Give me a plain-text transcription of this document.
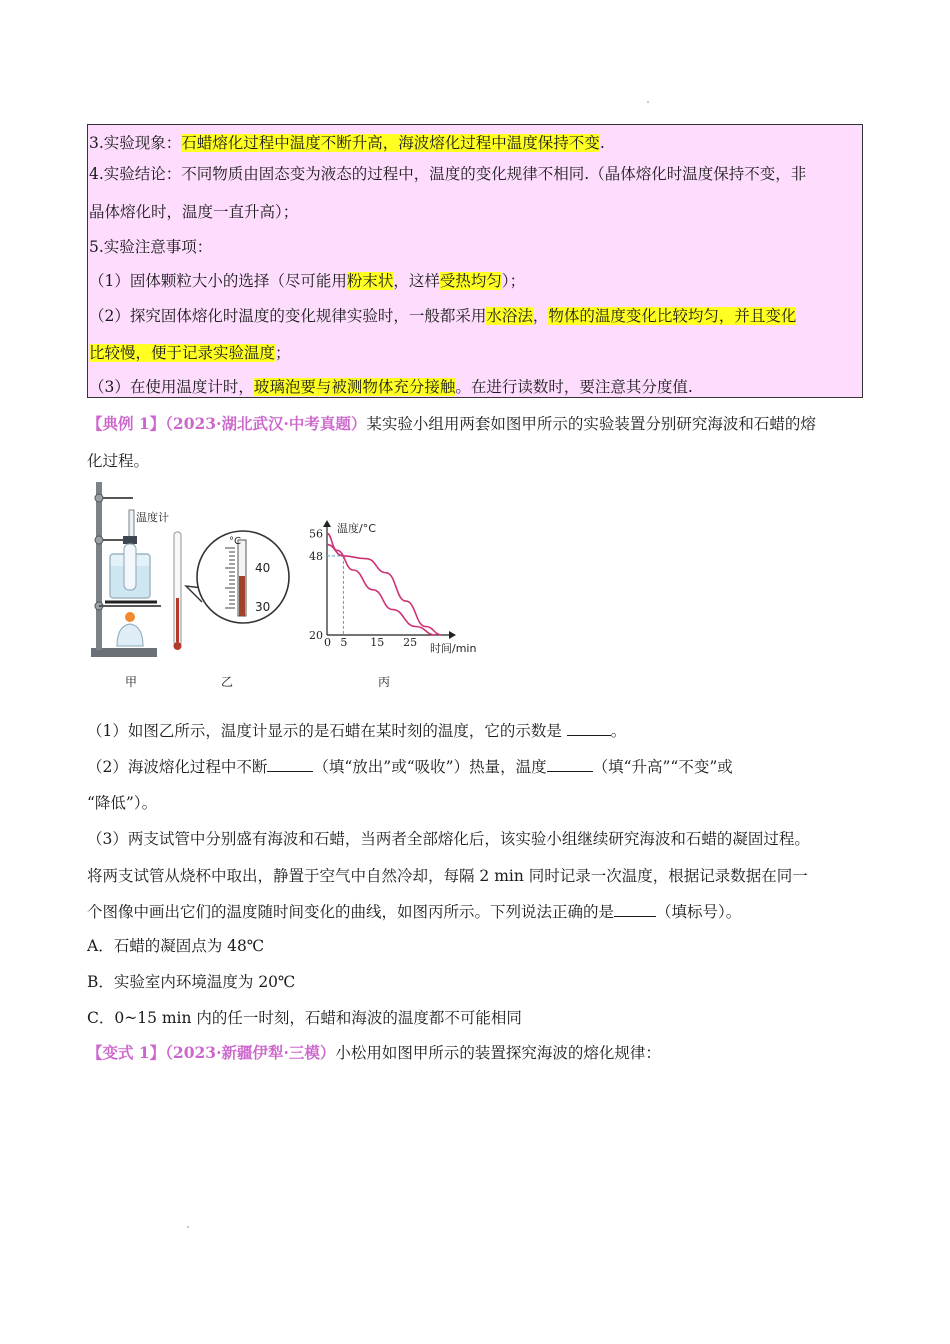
3.实验现象：石蜡熔化过程中温度不断升高，海波熔化过程中温度保持不变.
4.实验结论：不同物质由固态变为液态的过程中，温度的变化规律不相同.（晶体熔化时温度保持不变，非
晶体熔化时，温度一直升高）；
5.实验注意事项：
（1）固体颗粒大小的选择（尽可能用粉末状，这样受热均匀）；
（2）探究固体熔化时温度的变化规律实验时，一般都采用水浴法，物体的温度变化比较均匀，并且变化
比较慢，便于记录实验温度；
（3）在使用温度计时，玻璃泡要与被测物体充分接触。在进行读数时，要注意其分度值.
【典例 1】（2023·湖北武汉·中考真题）某实验小组用两套如图甲所示的实验装置分别研究海波和石蜡的熔
化过程。
温度计
甲
°C
40
30
乙
温度/°C
56
48
20
0 5 15 25 时间/min
丙
（1）如图乙所示，温度计显示的是石蜡在某时刻的温度，它的示数是	。
（2）海波熔化过程中不断	（填“放出”或“吸收”）热量，温度	（填“升高”“不变”或
“降低”）。
（3）两支试管中分别盛有海波和石蜡，当两者全部熔化后，该实验小组继续研究海波和石蜡的凝固过程。
将两支试管从烧杯中取出，静置于空气中自然冷却，每隔 2 min 同时记录一次温度，根据记录数据在同一
个图像中画出它们的温度随时间变化的曲线，如图丙所示。下列说法正确的是	（填标号）。
A．石蜡的凝固点为 48℃
B．实验室内环境温度为 20℃
C．0~15 min 内的任一时刻，石蜡和海波的温度都不可能相同
【变式 1】（2023·新疆伊犁·三模）小松用如图甲所示的装置探究海波的熔化规律：
